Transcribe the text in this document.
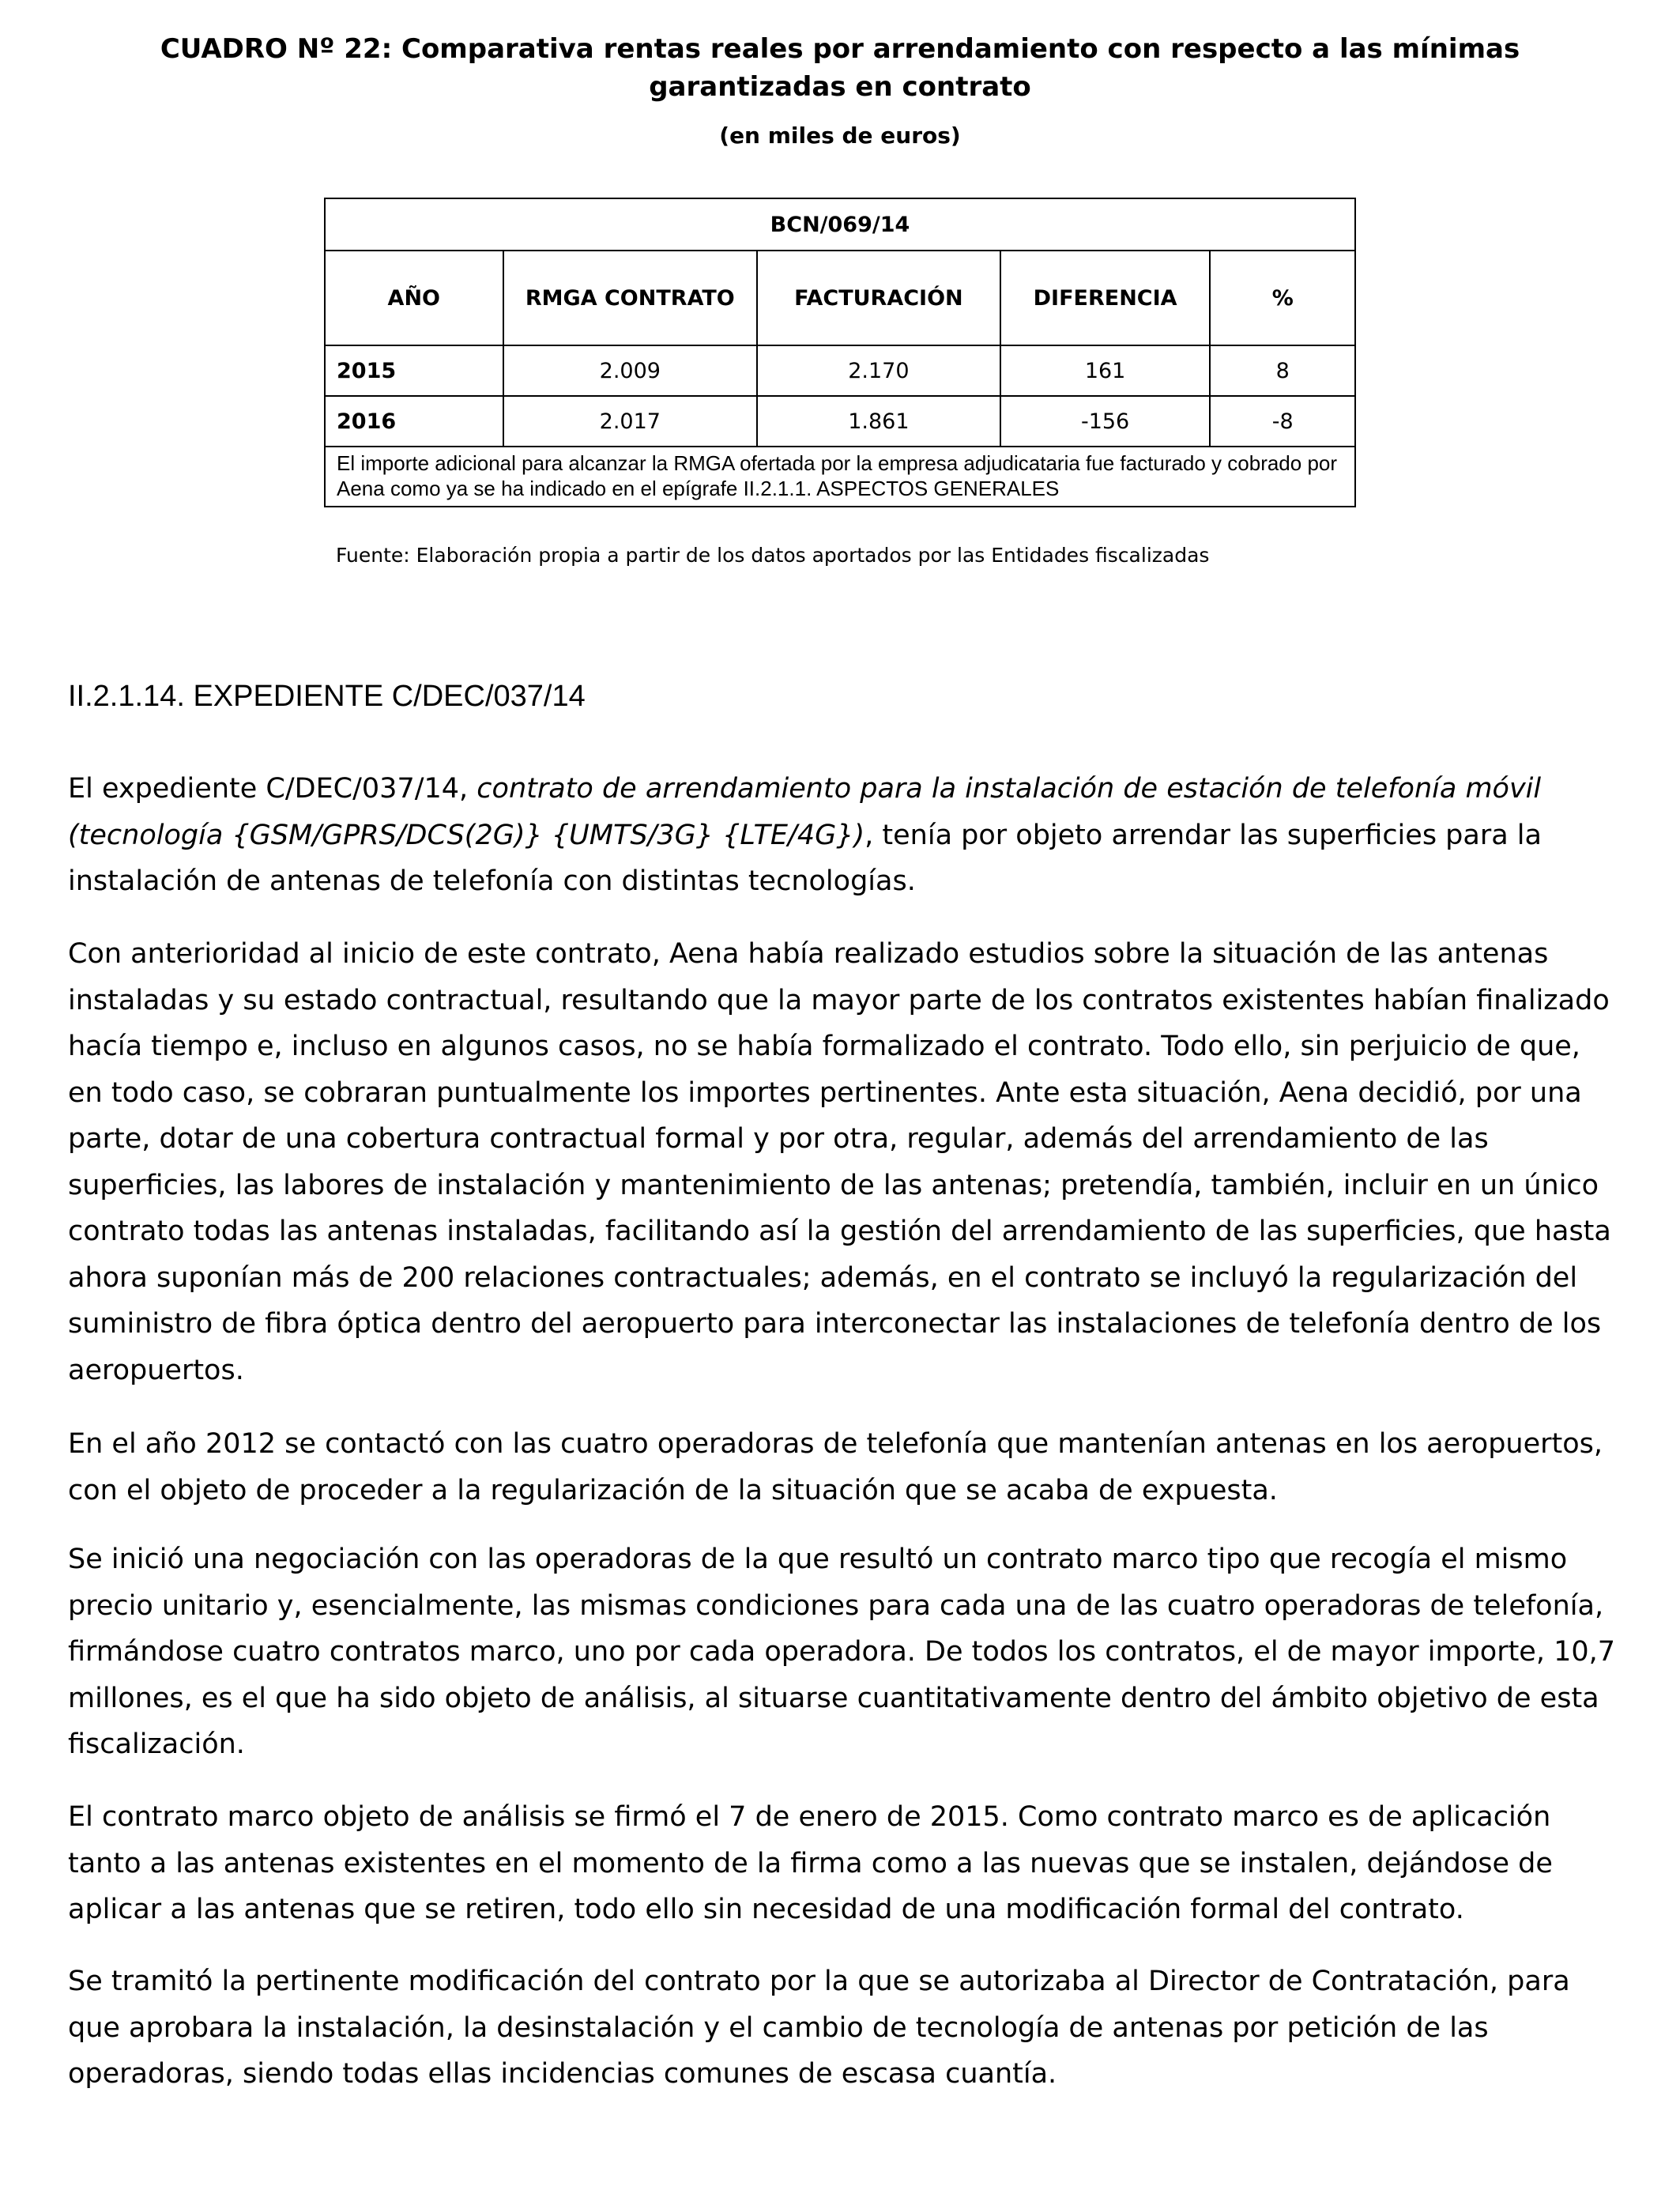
CUADRO Nº 22: Comparativa rentas reales por arrendamiento con respecto a las mínimas garantizadas en contrato
(en miles de euros)
BCN/069/14				
AÑO	RMGA CONTRATO	FACTURACIÓN	DIFERENCIA	%
2015	2.009	2.170	161	8
2016	2.017	1.861	-156	-8
El importe adicional para alcanzar la RMGA ofertada por la empresa adjudicataria fue facturado y cobrado por Aena como ya se ha indicado en el epígrafe II.2.1.1. ASPECTOS GENERALES				
Fuente: Elaboración propia a partir de los datos aportados por las Entidades fiscalizadas
II.2.1.14. EXPEDIENTE C/DEC/037/14

El expediente C/DEC/037/14, contrato de arrendamiento para la instalación de estación de telefonía móvil (tecnología {GSM/GPRS/DCS(2G)} {UMTS/3G} {LTE/4G}), tenía por objeto arrendar las superficies para la instalación de antenas de telefonía con distintas tecnologías.

Con anterioridad al inicio de este contrato, Aena había realizado estudios sobre la situación de las antenas instaladas y su estado contractual, resultando que la mayor parte de los contratos existentes habían finalizado hacía tiempo e, incluso en algunos casos, no se había formalizado el contrato. Todo ello, sin perjuicio de que, en todo caso, se cobraran puntualmente los importes pertinentes. Ante esta situación, Aena decidió, por una parte, dotar de una cobertura contractual formal y por otra, regular, además del arrendamiento de las superficies, las labores de instalación y mantenimiento de las antenas; pretendía, también, incluir en un único contrato todas las antenas instaladas, facilitando así la gestión del arrendamiento de las superficies, que hasta ahora suponían más de 200 relaciones contractuales; además, en el contrato se incluyó la regularización del suministro de fibra óptica dentro del aeropuerto para interconectar las instalaciones de telefonía dentro de los aeropuertos.

En el año 2012 se contactó con las cuatro operadoras de telefonía que mantenían antenas en los aeropuertos, con el objeto de proceder a la regularización de la situación que se acaba de expuesta.

Se inició una negociación con las operadoras de la que resultó un contrato marco tipo que recogía el mismo precio unitario y, esencialmente, las mismas condiciones para cada una de las cuatro operadoras de telefonía, firmándose cuatro contratos marco, uno por cada operadora. De todos los contratos, el de mayor importe, 10,7 millones, es el que ha sido objeto de análisis, al situarse cuantitativamente dentro del ámbito objetivo de esta fiscalización.

El contrato marco objeto de análisis se firmó el 7 de enero de 2015. Como contrato marco es de aplicación tanto a las antenas existentes en el momento de la firma como a las nuevas que se instalen, dejándose de aplicar a las antenas que se retiren, todo ello sin necesidad de una modificación formal del contrato.

Se tramitó la pertinente modificación del contrato por la que se autorizaba al Director de Contratación, para que aprobara la instalación, la desinstalación y el cambio de tecnología de antenas por petición de las operadoras, siendo todas ellas incidencias comunes de escasa cuantía.
